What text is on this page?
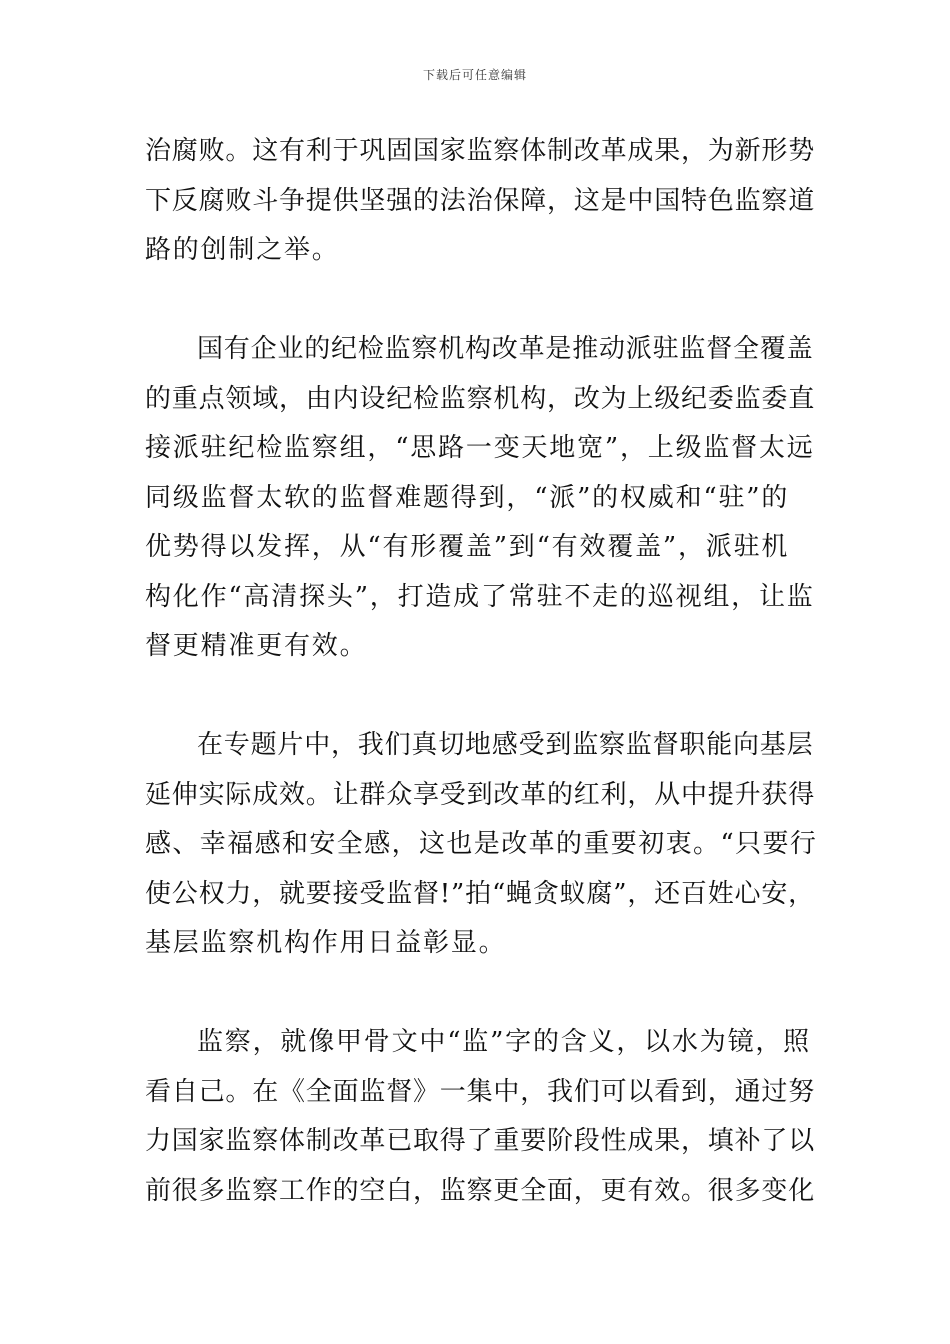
下载后可任意编辑
治腐败。这有利于巩固国家监察体制改革成果，为新形势
下反腐败斗争提供坚强的法治保障，这是中国特色监察道
路的创制之举。
国有企业的纪检监察机构改革是推动派驻监督全覆盖
的重点领域，由内设纪检监察机构，改为上级纪委监委直
接派驻纪检监察组，“思路一变天地宽”，上级监督太远
同级监督太软的监督难题得到，“派”的权威和“驻”的
优势得以发挥，从“有形覆盖”到“有效覆盖”，派驻机
构化作“高清探头”，打造成了常驻不走的巡视组，让监
督更精准更有效。
在专题片中，我们真切地感受到监察监督职能向基层
延伸实际成效。让群众享受到改革的红利，从中提升获得
感、幸福感和安全感，这也是改革的重要初衷。“只要行
使公权力，就要接受监督!”拍“蝇贪蚁腐”，还百姓心安，
基层监察机构作用日益彰显。
监察，就像甲骨文中“监”字的含义，以水为镜，照
看自己。在《全面监督》一集中，我们可以看到，通过努
力国家监察体制改革已取得了重要阶段性成果，填补了以
前很多监察工作的空白，监察更全面，更有效。很多变化
